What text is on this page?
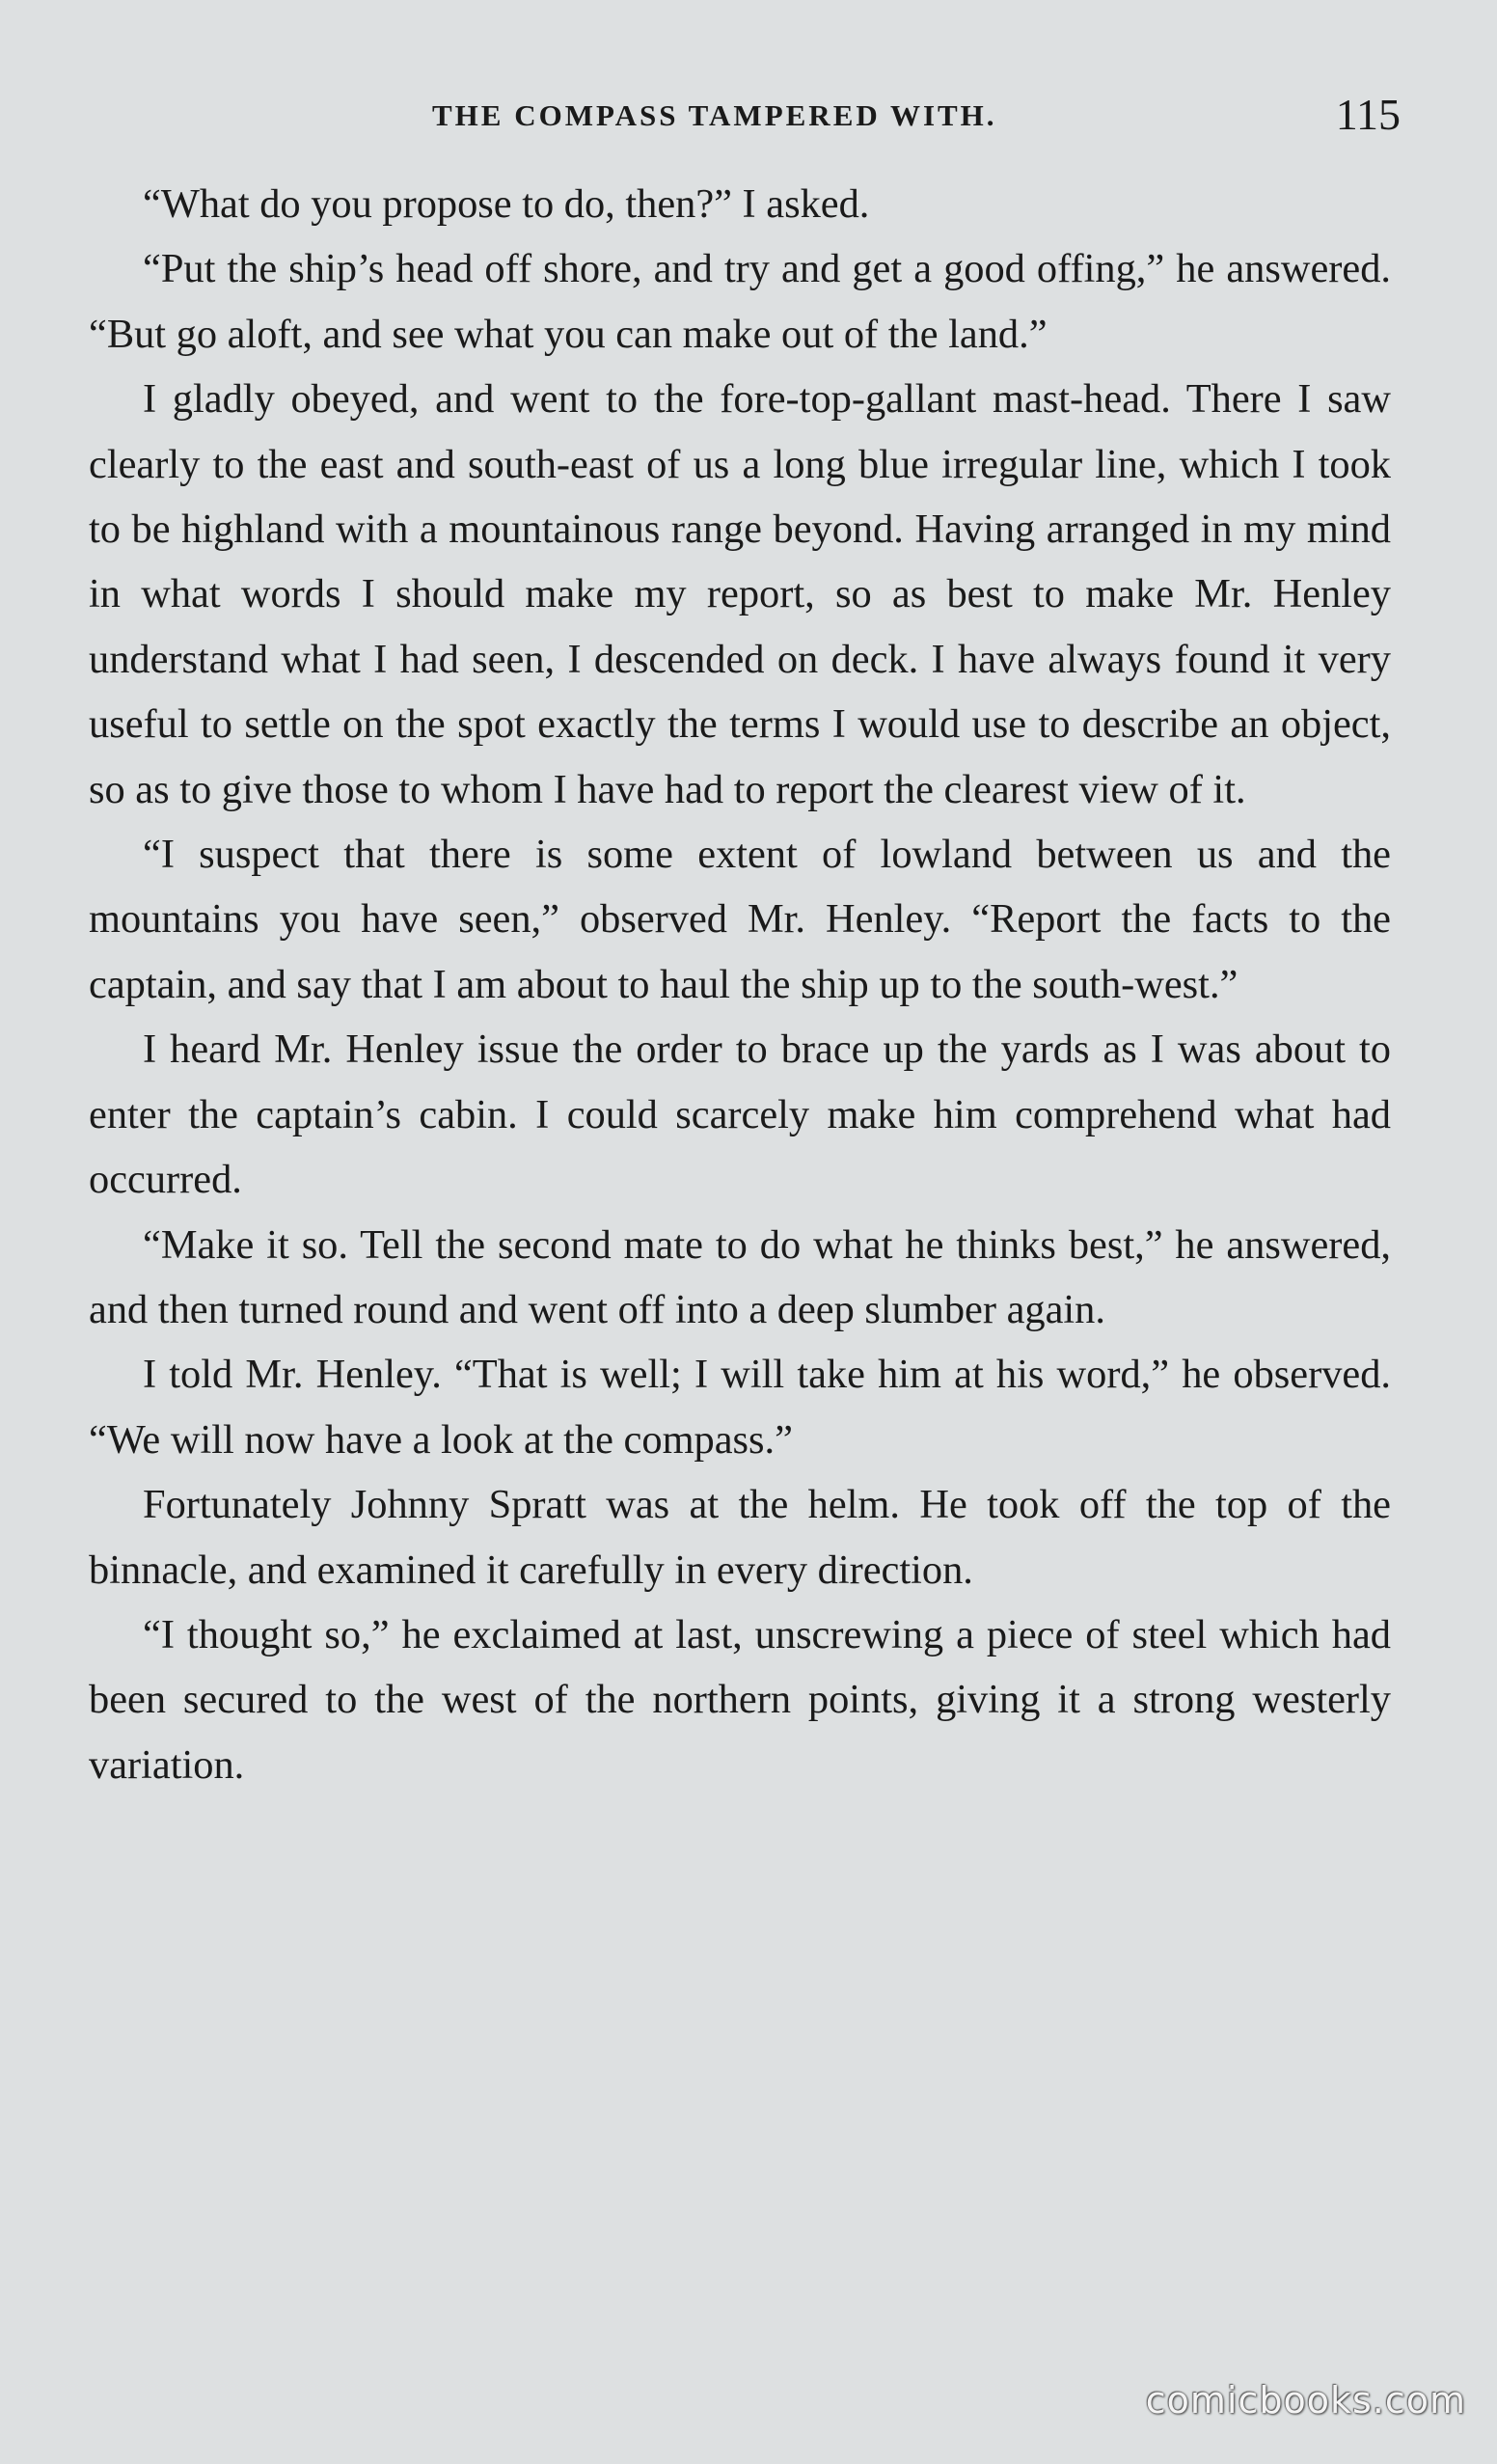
THE COMPASS TAMPERED WITH.	115

“What do you propose to do, then?” I asked.

“Put the ship’s head off shore, and try and get a good offing,” he answered. “But go aloft, and see what you can make out of the land.”

I gladly obeyed, and went to the fore-top-gallant mast-head. There I saw clearly to the east and south-east of us a long blue irregular line, which I took to be highland with a mountainous range beyond. Having arranged in my mind in what words I should make my report, so as best to make Mr. Henley understand what I had seen, I descended on deck. I have always found it very useful to settle on the spot exactly the terms I would use to describe an object, so as to give those to whom I have had to report the clearest view of it.

“I suspect that there is some extent of lowland between us and the mountains you have seen,” observed Mr. Henley. “Report the facts to the captain, and say that I am about to haul the ship up to the south-west.”

I heard Mr. Henley issue the order to brace up the yards as I was about to enter the captain’s cabin. I could scarcely make him comprehend what had occurred.

“Make it so. Tell the second mate to do what he thinks best,” he answered, and then turned round and went off into a deep slumber again.

I told Mr. Henley. “That is well; I will take him at his word,” he observed. “We will now have a look at the compass.”

Fortunately Johnny Spratt was at the helm. He took off the top of the binnacle, and examined it carefully in every direction.

“I thought so,” he exclaimed at last, unscrewing a piece of steel which had been secured to the west of the northern points, giving it a strong westerly variation.

comicbooks.com
